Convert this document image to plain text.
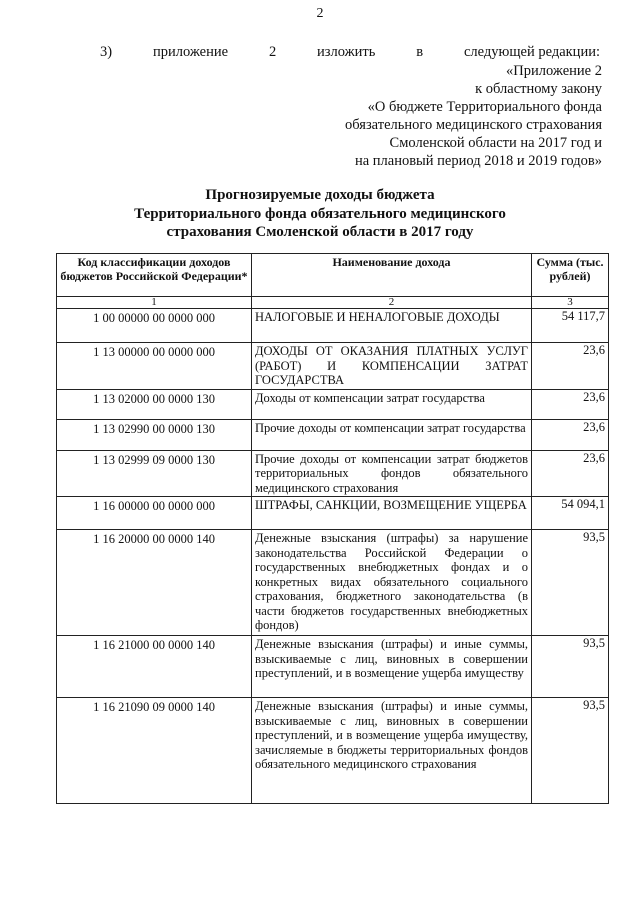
2
3)	приложение	2	изложить	в	следующей редакции:
«Приложение 2
к областному закону
«О бюджете Территориального фонда
обязательного медицинского страхования
Смоленской области на 2017 год и
на плановый период 2018 и 2019 годов»
Прогнозируемые доходы бюджета
Территориального фонда обязательного медицинского
страхования Смоленской области в 2017 году
Код классификации доходов бюджетов Российской Федерации*	Наименование дохода	Сумма (тыс. рублей)
1	2	3
1 00 00000 00 0000 000	НАЛОГОВЫЕ И НЕНАЛОГОВЫЕ ДОХОДЫ	54 117,7
1 13 00000 00 0000 000	ДОХОДЫ ОТ ОКАЗАНИЯ ПЛАТНЫХ УСЛУГ (РАБОТ) И КОМПЕНСАЦИИ ЗАТРАТ ГОСУДАРСТВА	23,6
1 13 02000 00 0000 130	Доходы от компенсации затрат государства	23,6
1 13 02990 00 0000 130	Прочие доходы от компенсации затрат государства	23,6
1 13 02999 09 0000 130	Прочие доходы от компенсации затрат бюджетов территориальных фондов обязательного медицинского страхования	23,6
1 16 00000 00 0000 000	ШТРАФЫ, САНКЦИИ, ВОЗМЕЩЕНИЕ УЩЕРБА	54 094,1
1 16 20000 00 0000 140	Денежные взыскания (штрафы) за нарушение законодательства Российской Федерации о государственных внебюджетных фондах и о конкретных видах обязательного социального страхования, бюджетного законодательства (в части бюджетов государственных внебюджетных фондов)	93,5
1 16 21000 00 0000 140	Денежные взыскания (штрафы) и иные суммы, взыскиваемые с лиц, виновных в совершении преступлений, и в возмещение ущерба имуществу	93,5
1 16 21090 09 0000 140	Денежные взыскания (штрафы) и иные суммы, взыскиваемые с лиц, виновных в совершении преступлений, и в возмещение ущерба имуществу, зачисляемые в бюджеты территориальных фондов обязательного медицинского страхования	93,5
